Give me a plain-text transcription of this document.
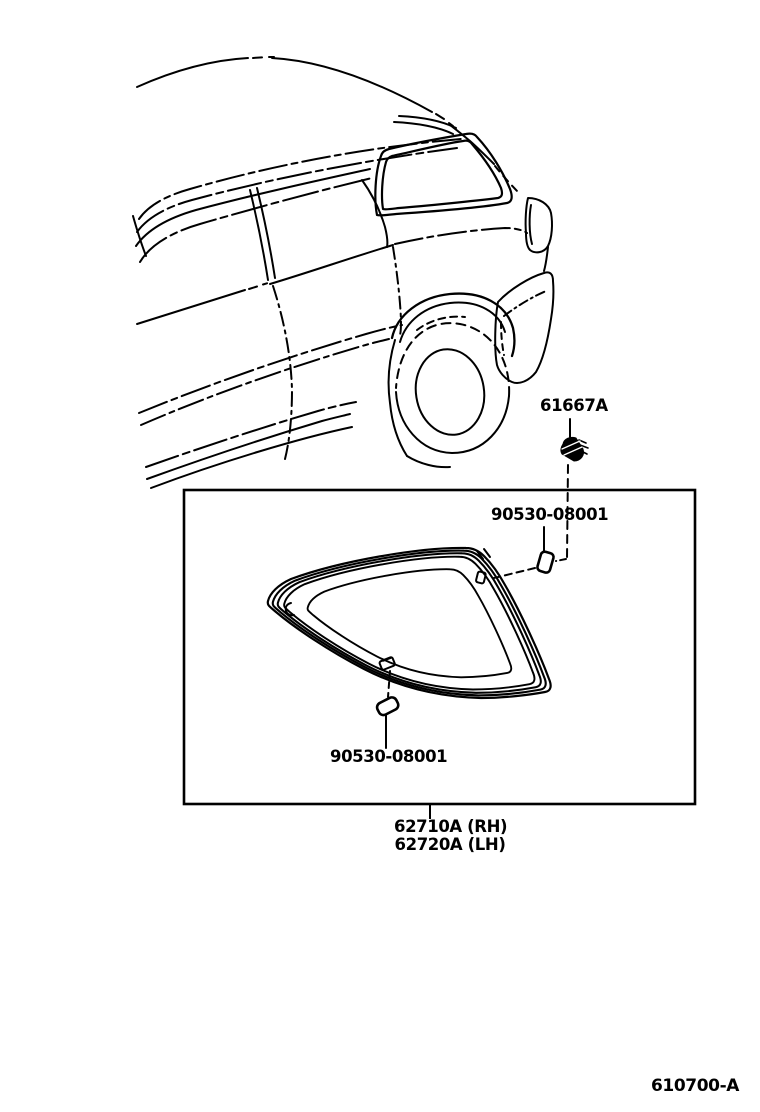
61667A
90530-08001
90530-08001
62710A (RH)
62720A (LH)
610700-A
